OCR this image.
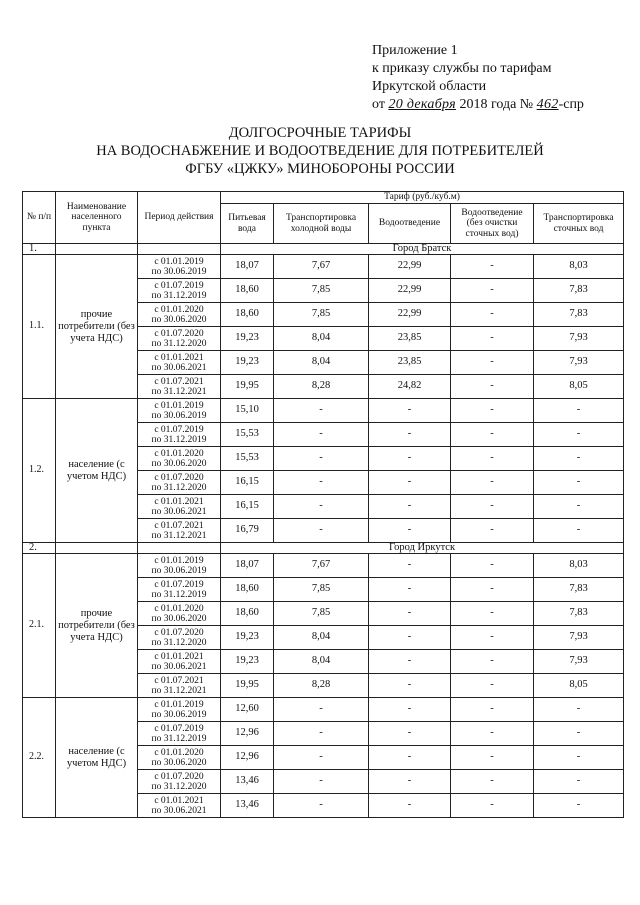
Приложение 1
к приказу службы по тарифам
Иркутской области
от 20 декабря 2018 года № 462-спр
ДОЛГОСРОЧНЫЕ ТАРИФЫ
НА ВОДОСНАБЖЕНИЕ И ВОДООТВЕДЕНИЕ ДЛЯ ПОТРЕБИТЕЛЕЙ
ФГБУ «ЦЖКУ» МИНОБОРОНЫ РОССИИ
№ п/п	Наименование населенного пункта	Период действия	Тариф (руб./куб.м)				
			Питьевая вода	Транспортировка холодной воды	Водоотведение	Водоотведение (без очистки сточных вод)	Транспортировка сточных вод
1.			Город Братск				
1.1.	прочие потребители (без учета НДС)	с 01.01.2019
по 30.06.2019	18,07	7,67	22,99	-	8,03

		с 01.07.2019
по 31.12.2019	18,60	7,85	22,99	-	7,83

		с 01.01.2020
по 30.06.2020	18,60	7,85	22,99	-	7,83

		с 01.07.2020
по 31.12.2020	19,23	8,04	23,85	-	7,93

		с 01.01.2021
по 30.06.2021	19,23	8,04	23,85	-	7,93

		с 01.07.2021
по 31.12.2021	19,95	8,28	24,82	-	8,05
1.2.	население (с учетом НДС)	с 01.01.2019
по 30.06.2019	15,10	-	-	-	-

		с 01.07.2019
по 31.12.2019	15,53	-	-	-	-

		с 01.01.2020
по 30.06.2020	15,53	-	-	-	-

		с 01.07.2020
по 31.12.2020	16,15	-	-	-	-

		с 01.01.2021
по 30.06.2021	16,15	-	-	-	-

		с 01.07.2021
по 31.12.2021	16,79	-	-	-	-
2.			Город Иркутск				
2.1.	прочие потребители (без учета НДС)	с 01.01.2019
по 30.06.2019	18,07	7,67	-	-	8,03

		с 01.07.2019
по 31.12.2019	18,60	7,85	-	-	7,83

		с 01.01.2020
по 30.06.2020	18,60	7,85	-	-	7,83

		с 01.07.2020
по 31.12.2020	19,23	8,04	-	-	7,93

		с 01.01.2021
по 30.06.2021	19,23	8,04	-	-	7,93

		с 01.07.2021
по 31.12.2021	19,95	8,28	-	-	8,05
2.2.	население (с учетом НДС)	с 01.01.2019
по 30.06.2019	12,60	-	-	-	-

		с 01.07.2019
по 31.12.2019	12,96	-	-	-	-

		с 01.01.2020
по 30.06.2020	12,96	-	-	-	-

		с 01.07.2020
по 31.12.2020	13,46	-	-	-	-

		с 01.01.2021
по 30.06.2021	13,46	-	-	-	-
